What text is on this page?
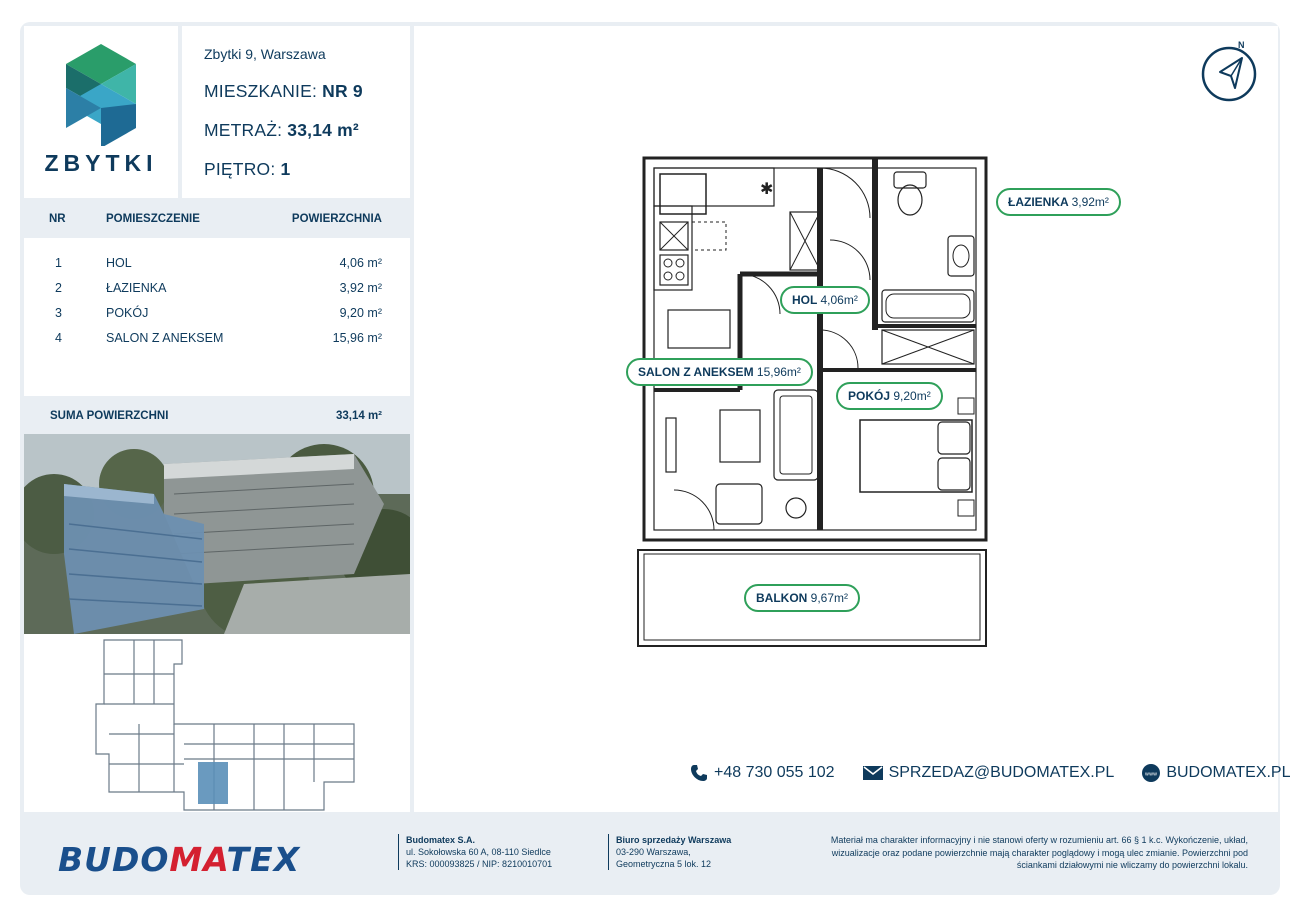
ZBYTKI
Zbytki 9, Warszawa
MIESZKANIE: NR 9
METRAŻ: 33,14 m²
PIĘTRO: 1
NR	POMIESZCZENIE	POWIERZCHNIA
1	HOL	4,06 m²
2	ŁAZIENKA	3,92 m²
3	POKÓJ	9,20 m²
4	SALON Z ANEKSEM	15,96 m²
SUMA POWIERZCHNI	33,14 m²
N
✱
ŁAZIENKA 3,92m²
HOL 4,06m²
SALON Z ANEKSEM 15,96m²
POKÓJ 9,20m²
BALKON 9,67m²
+48 730 055 102	SPRZEDAZ@BUDOMATEX.PL	www BUDOMATEX.PL
BUDOMATEX	Budomatex S.A.
ul. Sokołowska 60 A, 08-110 Siedlce
KRS: 000093825 / NIP: 8210010701
Biuro sprzedaży Warszawa
03-290 Warszawa,
Geometryczna 5 lok. 12
Materiał ma charakter informacyjny i nie stanowi oferty w rozumieniu art. 66 § 1 k.c. Wykończenie, układ, wizualizacje oraz podane powierzchnie mają charakter poglądowy i mogą ulec zmianie. Powierzchni pod ściankami działowymi nie wliczamy do powierzchni lokalu.
